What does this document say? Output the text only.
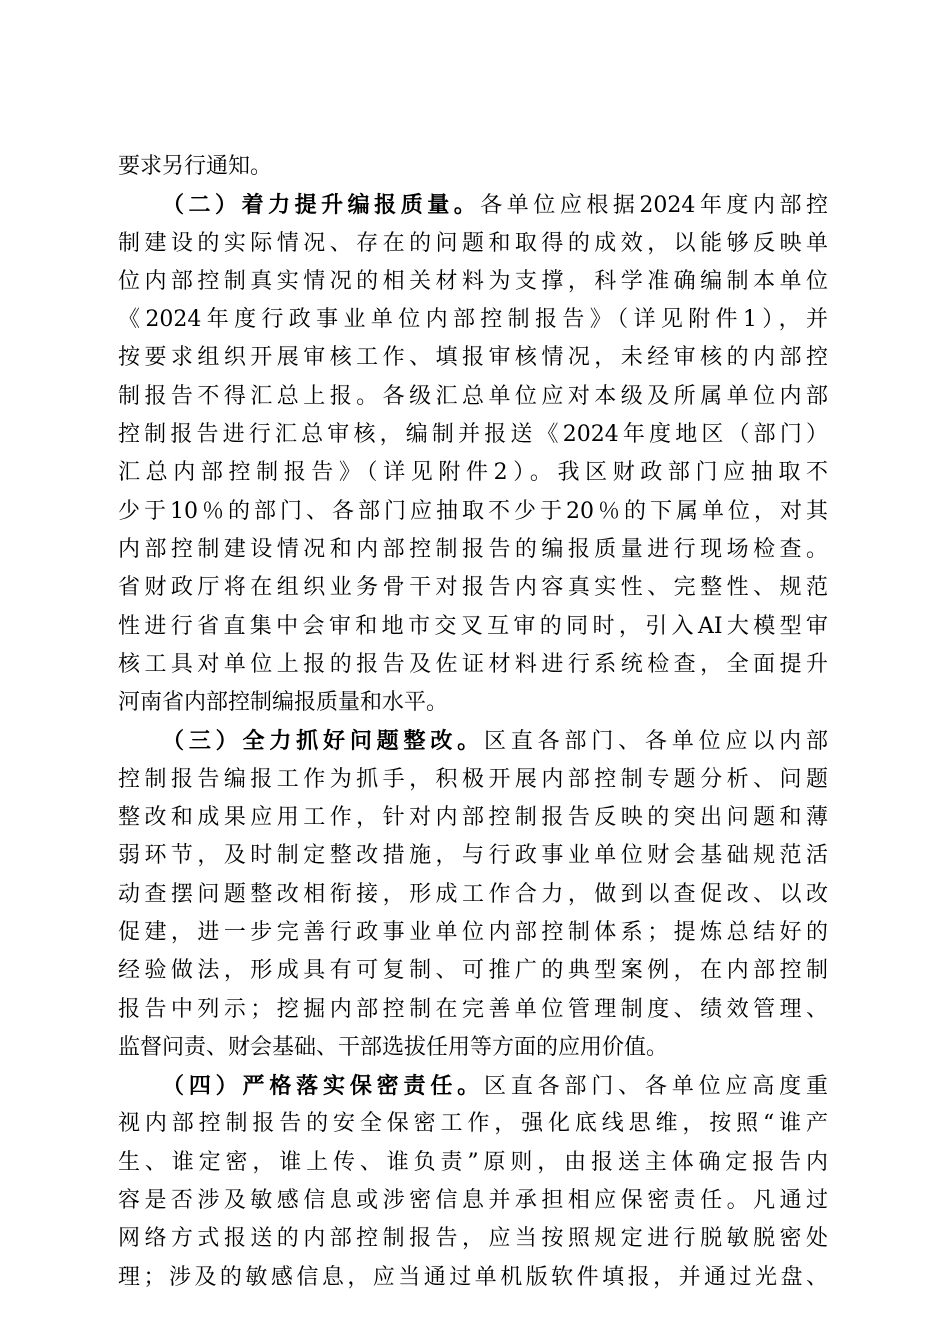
要求另行通知。
（二）着力提升编报质量。各单位应根据2024年度内部控
制建设的实际情况、存在的问题和取得的成效，以能够反映单
位内部控制真实情况的相关材料为支撑，科学准确编制本单位
《2024年度行政事业单位内部控制报告》（详见附件1），并
按要求组织开展审核工作、填报审核情况，未经审核的内部控
制报告不得汇总上报。各级汇总单位应对本级及所属单位内部
控制报告进行汇总审核，编制并报送《2024年度地区（部门）
汇总内部控制报告》（详见附件2）。我区财政部门应抽取不
少于10％的部门、各部门应抽取不少于20％的下属单位，对其
内部控制建设情况和内部控制报告的编报质量进行现场检查。
省财政厅将在组织业务骨干对报告内容真实性、完整性、规范
性进行省直集中会审和地市交叉互审的同时，引入AI大模型审
核工具对单位上报的报告及佐证材料进行系统检查，全面提升
河南省内部控制编报质量和水平。
（三）全力抓好问题整改。区直各部门、各单位应以内部
控制报告编报工作为抓手，积极开展内部控制专题分析、问题
整改和成果应用工作，针对内部控制报告反映的突出问题和薄
弱环节，及时制定整改措施，与行政事业单位财会基础规范活
动查摆问题整改相衔接，形成工作合力，做到以查促改、以改
促建，进一步完善行政事业单位内部控制体系；提炼总结好的
经验做法，形成具有可复制、可推广的典型案例，在内部控制
报告中列示；挖掘内部控制在完善单位管理制度、绩效管理、
监督问责、财会基础、干部选拔任用等方面的应用价值。
（四）严格落实保密责任。区直各部门、各单位应高度重
视内部控制报告的安全保密工作，强化底线思维，按照“谁产
生、谁定密，谁上传、谁负责”原则，由报送主体确定报告内
容是否涉及敏感信息或涉密信息并承担相应保密责任。凡通过
网络方式报送的内部控制报告，应当按照规定进行脱敏脱密处
理；涉及的敏感信息，应当通过单机版软件填报，并通过光盘、
